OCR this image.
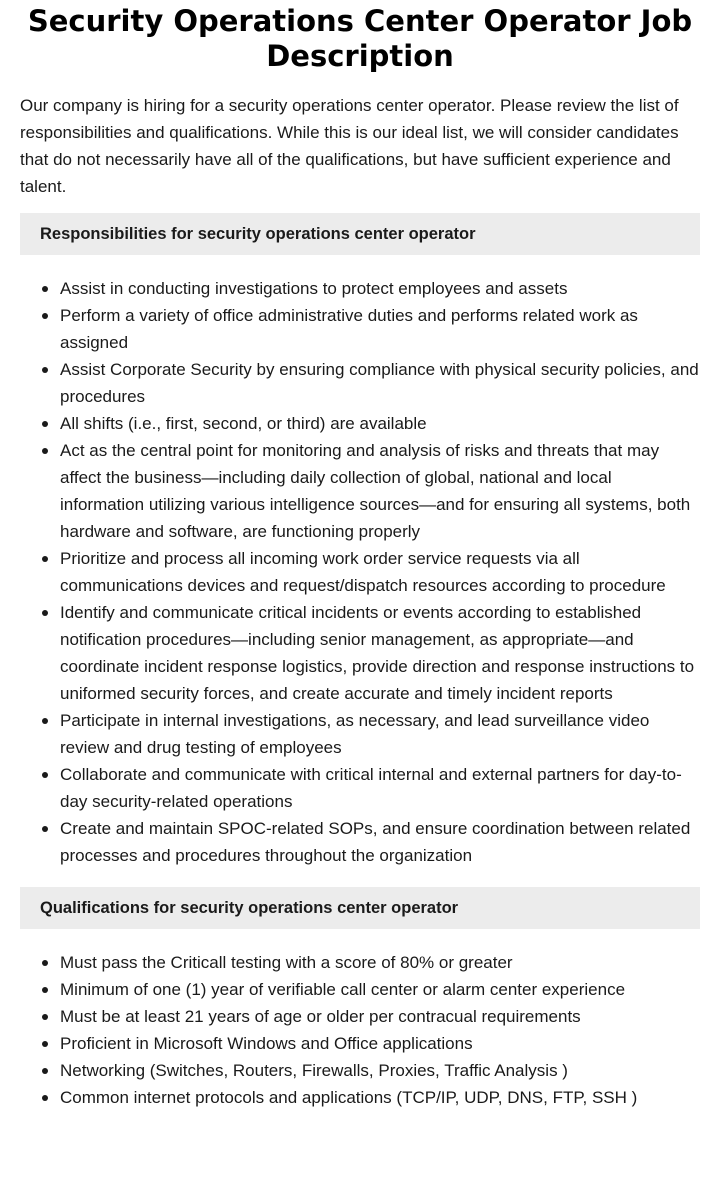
Security Operations Center Operator Job Description

Our company is hiring for a security operations center operator. Please review the list of responsibilities and qualifications. While this is our ideal list, we will consider candidates that do not necessarily have all of the qualifications, but have sufficient experience and talent.

Responsibilities for security operations center operator
Assist in conducting investigations to protect employees and assets
Perform a variety of office administrative duties and performs related work as assigned
Assist Corporate Security by ensuring compliance with physical security policies, and procedures
All shifts (i.e., first, second, or third) are available
Act as the central point for monitoring and analysis of risks and threats that may affect the business—including daily collection of global, national and local information utilizing various intelligence sources—and for ensuring all systems, both hardware and software, are functioning properly
Prioritize and process all incoming work order service requests via all communications devices and request/dispatch resources according to procedure
Identify and communicate critical incidents or events according to established notification procedures—including senior management, as appropriate—and coordinate incident response logistics, provide direction and response instructions to uniformed security forces, and create accurate and timely incident reports
Participate in internal investigations, as necessary, and lead surveillance video review and drug testing of employees
Collaborate and communicate with critical internal and external partners for day-to-day security-related operations
Create and maintain SPOC-related SOPs, and ensure coordination between related processes and procedures throughout the organization
Qualifications for security operations center operator
Must pass the Criticall testing with a score of 80% or greater
Minimum of one (1) year of verifiable call center or alarm center experience
Must be at least 21 years of age or older per contracual requirements
Proficient in Microsoft Windows and Office applications
Networking (Switches, Routers, Firewalls, Proxies, Traffic Analysis )
Common internet protocols and applications (TCP/IP, UDP, DNS, FTP, SSH )
